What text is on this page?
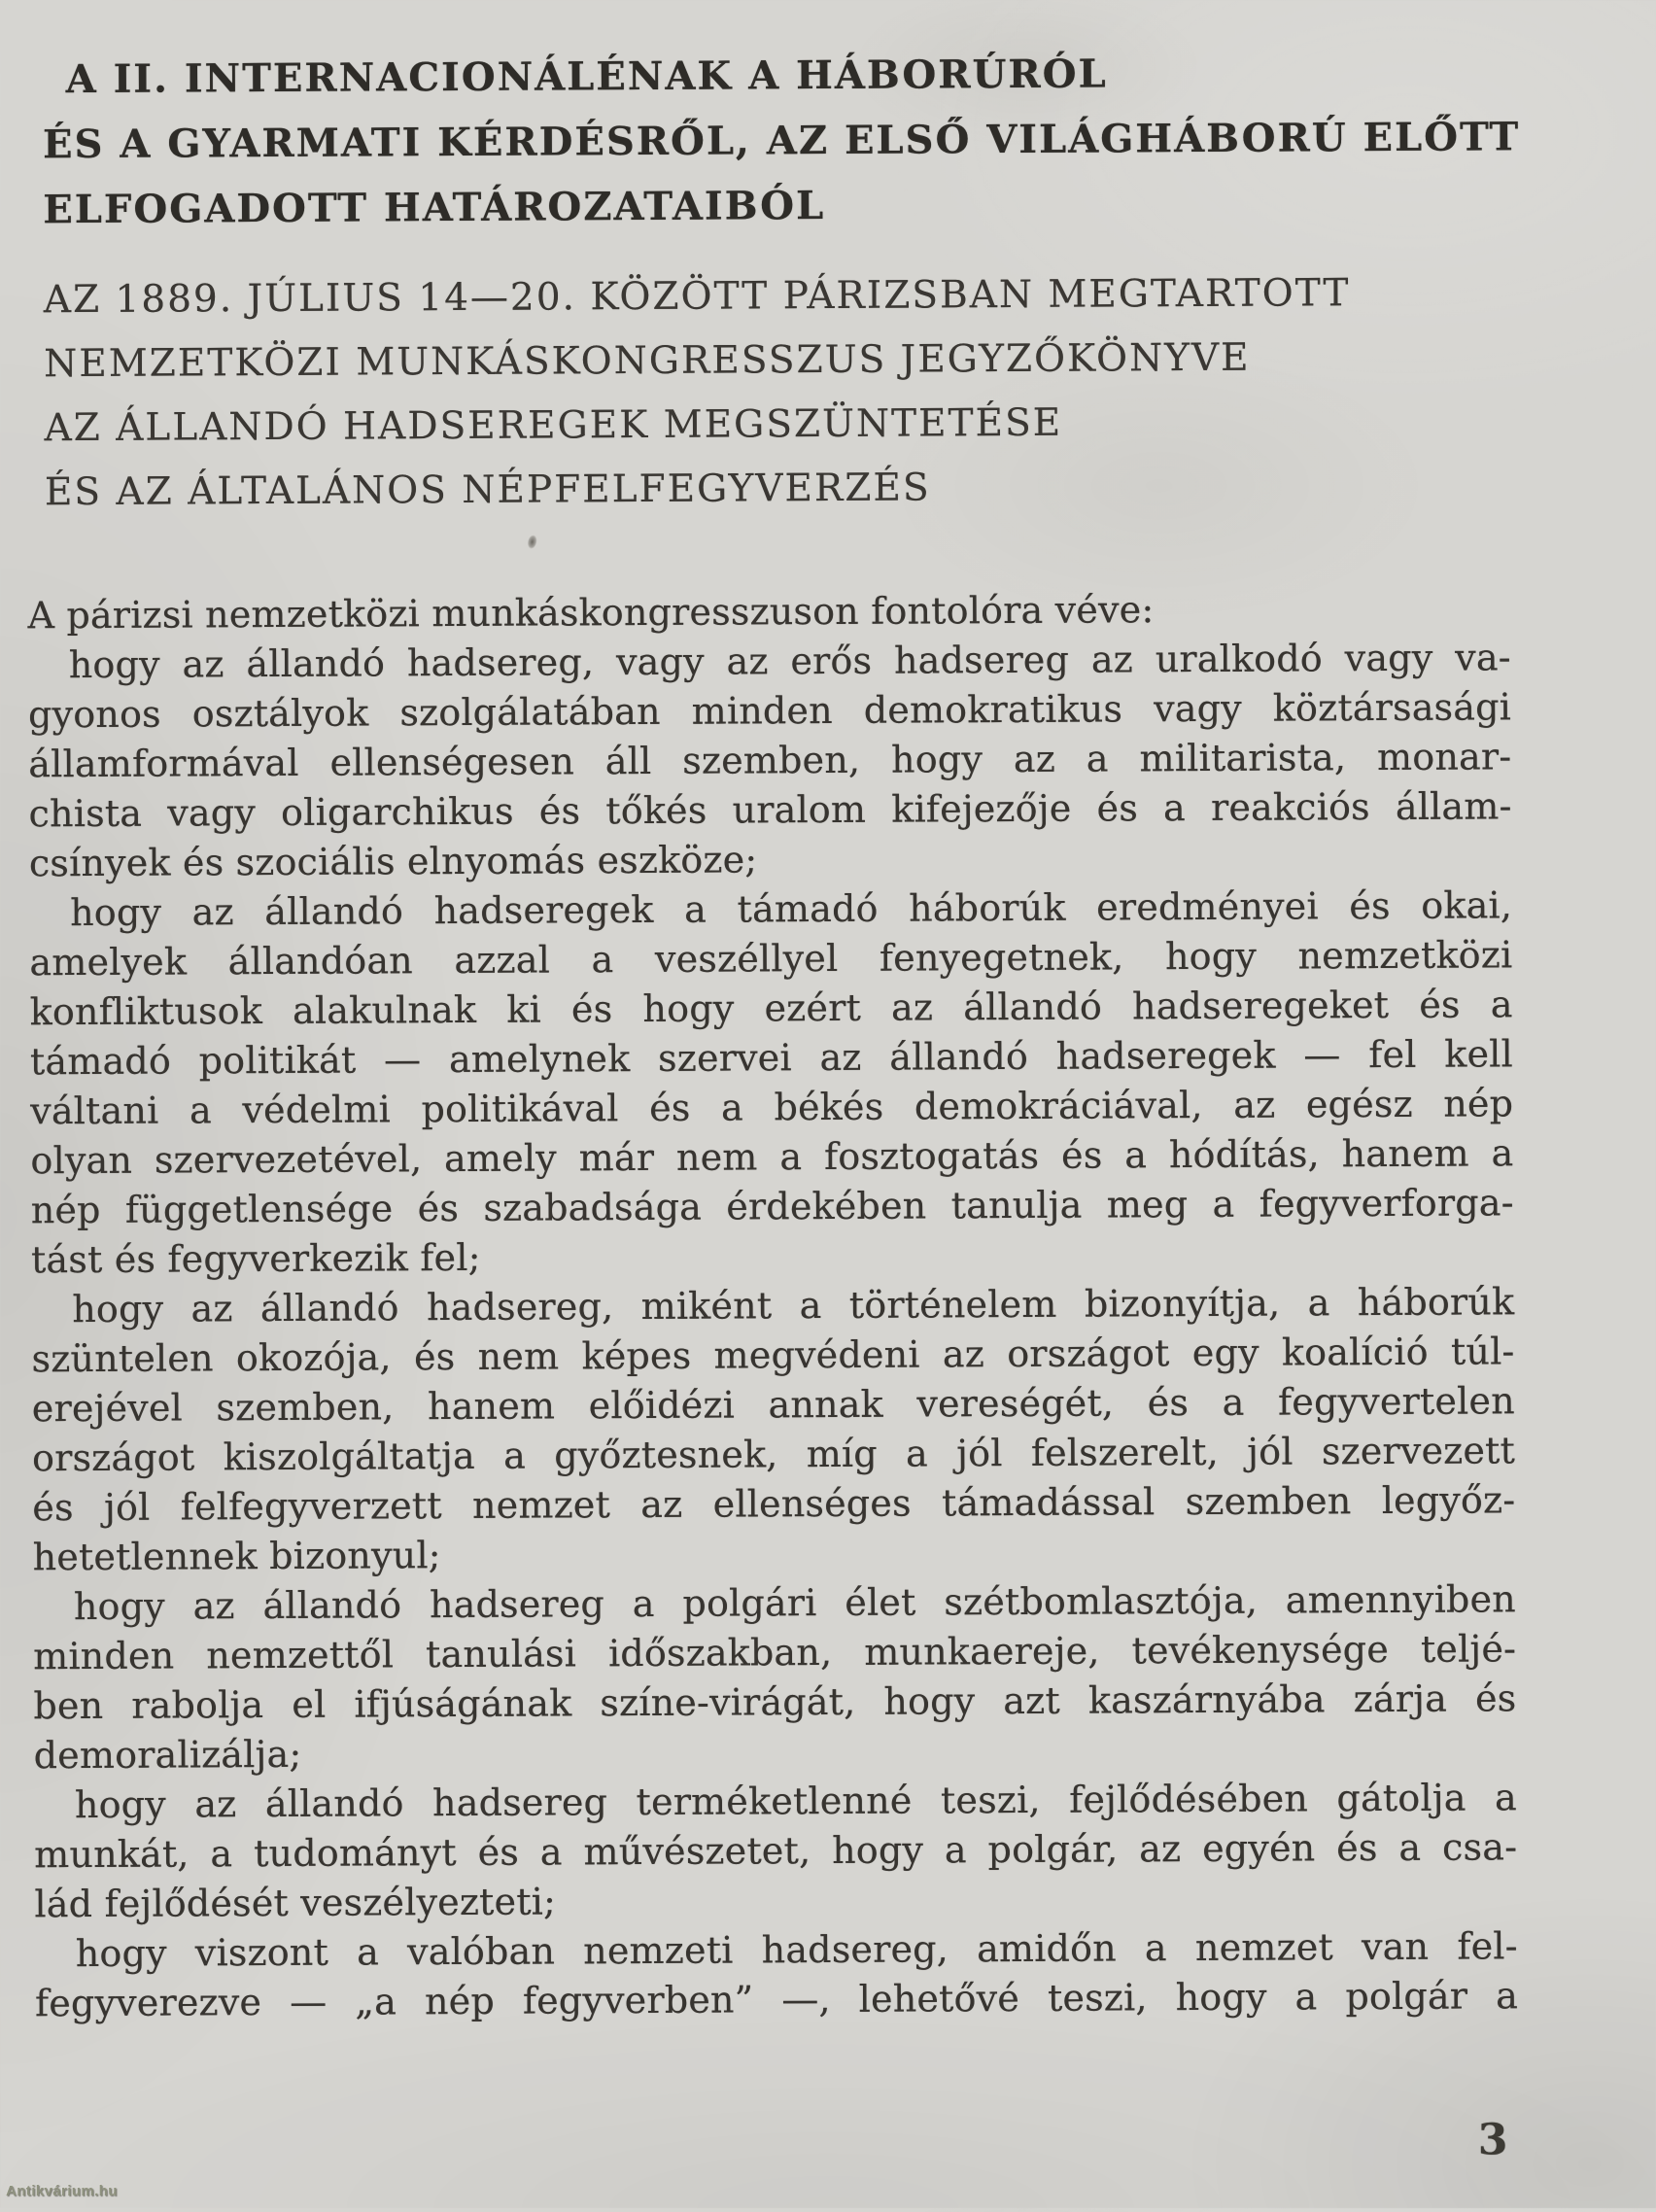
A II. INTERNACIONÁLÉNAK A HÁBORÚRÓL
ÉS A GYARMATI KÉRDÉSRŐL, AZ ELSŐ VILÁGHÁBORÚ ELŐTT
ELFOGADOTT HATÁROZATAIBÓL
AZ 1889. JÚLIUS 14—20. KÖZÖTT PÁRIZSBAN MEGTARTOTT
NEMZETKÖZI MUNKÁSKONGRESSZUS JEGYZŐKÖNYVE
AZ ÁLLANDÓ HADSEREGEK MEGSZÜNTETÉSE
ÉS AZ ÁLTALÁNOS NÉPFELFEGYVERZÉS
A párizsi nemzetközi munkáskongresszuson fontolóra véve:
hogy az állandó hadsereg, vagy az erős hadsereg az uralkodó vagy va-
gyonos osztályok szolgálatában minden demokratikus vagy köztársasági
államformával ellenségesen áll szemben, hogy az a militarista, monar-
chista vagy oligarchikus és tőkés uralom kifejezője és a reakciós állam-
csínyek és szociális elnyomás eszköze;
hogy az állandó hadseregek a támadó háborúk eredményei és okai,
amelyek állandóan azzal a veszéllyel fenyegetnek, hogy nemzetközi
konfliktusok alakulnak ki és hogy ezért az állandó hadseregeket és a
támadó politikát — amelynek szervei az állandó hadseregek — fel kell
váltani a védelmi politikával és a békés demokráciával, az egész nép
olyan szervezetével, amely már nem a fosztogatás és a hódítás, hanem a
nép függetlensége és szabadsága érdekében tanulja meg a fegyverforga-
tást és fegyverkezik fel;
hogy az állandó hadsereg, miként a történelem bizonyítja, a háborúk
szüntelen okozója, és nem képes megvédeni az országot egy koalíció túl-
erejével szemben, hanem előidézi annak vereségét, és a fegyvertelen
országot kiszolgáltatja a győztesnek, míg a jól felszerelt, jól szervezett
és jól felfegyverzett nemzet az ellenséges támadással szemben legyőz-
hetetlennek bizonyul;
hogy az állandó hadsereg a polgári élet szétbomlasztója, amennyiben
minden nemzettől tanulási időszakban, munkaereje, tevékenysége teljé-
ben rabolja el ifjúságának színe-virágát, hogy azt kaszárnyába zárja és
demoralizálja;
hogy az állandó hadsereg terméketlenné teszi, fejlődésében gátolja a
munkát, a tudományt és a művészetet, hogy a polgár, az egyén és a csa-
lád fejlődését veszélyezteti;
hogy viszont a valóban nemzeti hadsereg, amidőn a nemzet van fel-
fegyverezve — „a nép fegyverben” —, lehetővé teszi, hogy a polgár a
3
Antikvárium.hu
